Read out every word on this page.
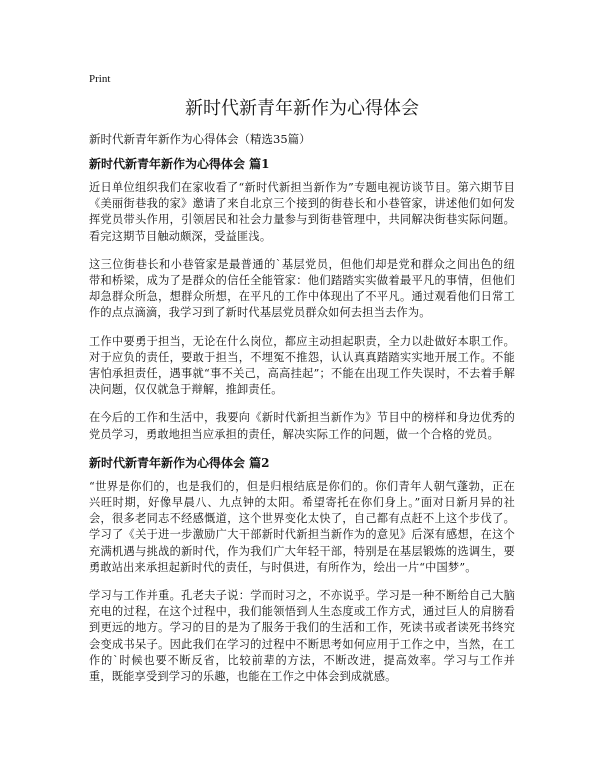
Print
新时代新青年新作为心得体会
新时代新青年新作为心得体会（精选35篇）
新时代新青年新作为心得体会 篇1

近日单位组织我们在家收看了“新时代新担当新作为”专题电视访谈节目。第六期节目《美丽街巷我的家》邀请了来自北京三个接到的街巷长和小巷管家，讲述他们如何发挥党员带头作用，引领居民和社会力量参与到街巷管理中，共同解决街巷实际问题。看完这期节目触动颇深，受益匪浅。

这三位街巷长和小巷管家是最普通的`基层党员，但他们却是党和群众之间出色的纽带和桥梁，成为了是群众的信任全能管家：他们踏踏实实做着最平凡的事情，但他们却急群众所急，想群众所想，在平凡的工作中体现出了不平凡。通过观看他们日常工作的点点滴滴，我学习到了新时代基层党员群众如何去担当去作为。

工作中要勇于担当，无论在什么岗位，都应主动担起职责，全力以赴做好本职工作。对于应负的责任，要敢于担当，不埋冤不推怨，认认真真踏踏实实地开展工作。不能害怕承担责任，遇事就“事不关己，高高挂起”；不能在出现工作失误时，不去着手解决问题，仅仅就急于辩解，推卸责任。

在今后的工作和生活中，我要向《新时代新担当新作为》节目中的榜样和身边优秀的党员学习，勇敢地担当应承担的责任，解决实际工作的问题，做一个合格的党员。

新时代新青年新作为心得体会 篇2

“世界是你们的，也是我们的，但是归根结底是你们的。你们青年人朝气蓬勃，正在兴旺时期，好像早晨八、九点钟的太阳。希望寄托在你们身上。”面对日新月异的社会，很多老同志不经感慨道，这个世界变化太快了，自己都有点赶不上这个步伐了。学习了《关于进一步激励广大干部新时代新担当新作为的意见》后深有感想，在这个充满机遇与挑战的新时代，作为我们广大年轻干部，特别是在基层锻炼的选调生，要勇敢站出来承担起新时代的责任，与时俱进，有所作为，绘出一片“中国梦”。

学习与工作并重。孔老夫子说：学而时习之，不亦说乎。学习是一种不断给自己大脑充电的过程，在这个过程中，我们能领悟到人生态度或工作方式，通过巨人的肩膀看到更远的地方。学习的目的是为了服务于我们的生活和工作，死读书或者读死书终究会变成书呆子。因此我们在学习的过程中不断思考如何应用于工作之中，当然，在工作的`时候也要不断反省，比较前辈的方法，不断改进，提高效率。学习与工作并重，既能享受到学习的乐趣，也能在工作之中体会到成就感。
